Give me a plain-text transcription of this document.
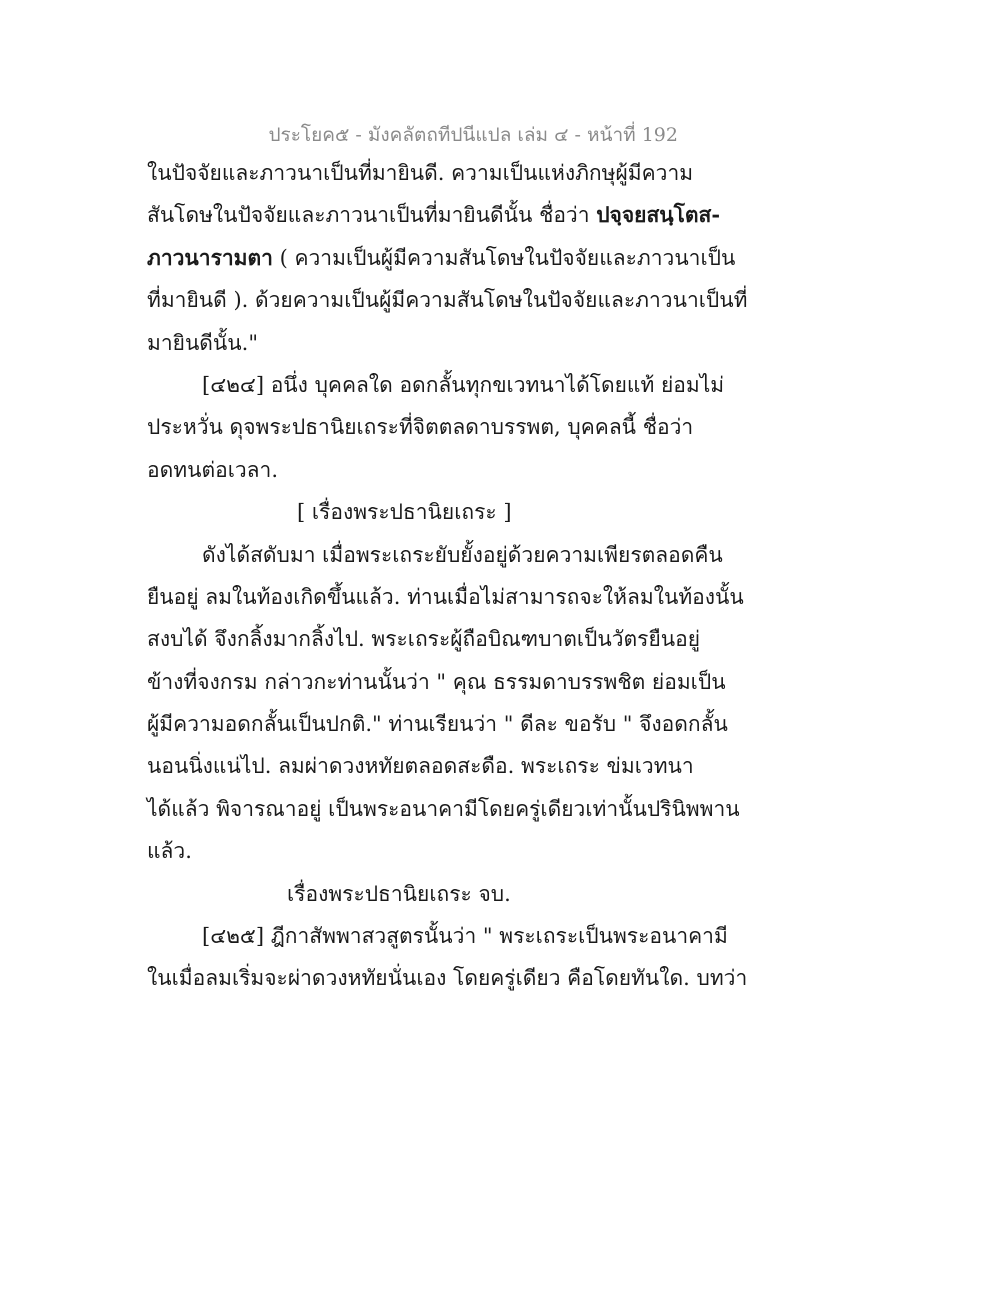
ประโยค๕ - มังคลัตถทีปนีแปล เล่ม ๔ - หน้าที่ 192
ในปัจจัยและภาวนาเป็นที่มายินดี. ความเป็นแห่งภิกษุผู้มีความ
สันโดษในปัจจัยและภาวนาเป็นที่มายินดีนั้น ชื่อว่า ปจฺจยสนฺโตส-
ภาวนารามตา ( ความเป็นผู้มีความสันโดษในปัจจัยและภาวนาเป็น
ที่มายินดี ). ด้วยความเป็นผู้มีความสันโดษในปัจจัยและภาวนาเป็นที่
มายินดีนั้น."
[๔๒๔] อนึ่ง บุคคลใด อดกลั้นทุกขเวทนาได้โดยแท้ ย่อมไม่
ประหวั่น ดุจพระปธานิยเถระที่จิตตลดาบรรพต, บุคคลนี้ ชื่อว่า
อดทนต่อเวลา.
[ เรื่องพระปธานิยเถระ ]
ดังได้สดับมา เมื่อพระเถระยับยั้งอยู่ด้วยความเพียรตลอดคืน
ยืนอยู่ ลมในท้องเกิดขึ้นแล้ว. ท่านเมื่อไม่สามารถจะให้ลมในท้องนั้น
สงบได้ จึงกลิ้งมากลิ้งไป. พระเถระผู้ถือบิณฑบาตเป็นวัตรยืนอยู่
ข้างที่จงกรม กล่าวกะท่านนั้นว่า " คุณ ธรรมดาบรรพชิต ย่อมเป็น
ผู้มีความอดกลั้นเป็นปกติ." ท่านเรียนว่า " ดีละ ขอรับ " จึงอดกลั้น
นอนนิ่งแน่ไป. ลมผ่าดวงหทัยตลอดสะดือ. พระเถระ ข่มเวทนา
ได้แล้ว พิจารณาอยู่ เป็นพระอนาคามีโดยครู่เดียวเท่านั้นปรินิพพาน
แล้ว.
เรื่องพระปธานิยเถระ จบ.
[๔๒๕] ฎีกาสัพพาสวสูตรนั้นว่า " พระเถระเป็นพระอนาคามี
ในเมื่อลมเริ่มจะผ่าดวงหทัยนั่นเอง โดยครู่เดียว คือโดยทันใด. บทว่า
